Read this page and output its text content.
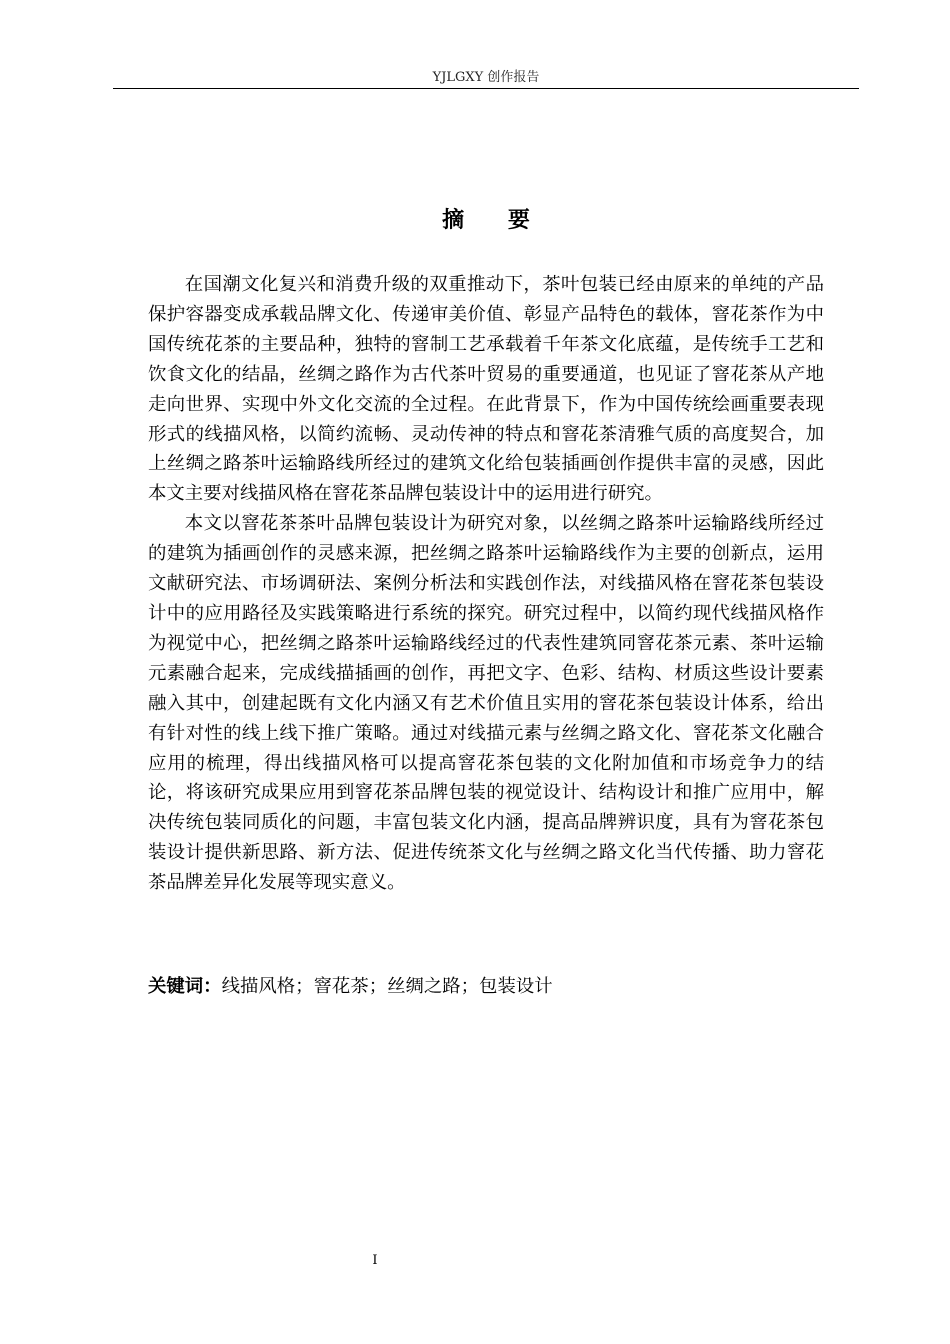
YJLGXY 创作报告
摘 要

在国潮文化复兴和消费升级的双重推动下，茶叶包装已经由原来的单纯的产品保护容器变成承载品牌文化、传递审美价值、彰显产品特色的载体，窨花茶作为中国传统花茶的主要品种，独特的窨制工艺承载着千年茶文化底蕴，是传统手工艺和饮食文化的结晶，丝绸之路作为古代茶叶贸易的重要通道，也见证了窨花茶从产地走向世界、实现中外文化交流的全过程。在此背景下，作为中国传统绘画重要表现形式的线描风格，以简约流畅、灵动传神的特点和窨花茶清雅气质的高度契合，加上丝绸之路茶叶运输路线所经过的建筑文化给包装插画创作提供丰富的灵感，因此本文主要对线描风格在窨花茶品牌包装设计中的运用进行研究。

本文以窨花茶茶叶品牌包装设计为研究对象，以丝绸之路茶叶运输路线所经过的建筑为插画创作的灵感来源，把丝绸之路茶叶运输路线作为主要的创新点，运用文献研究法、市场调研法、案例分析法和实践创作法，对线描风格在窨花茶包装设计中的应用路径及实践策略进行系统的探究。研究过程中，以简约现代线描风格作为视觉中心，把丝绸之路茶叶运输路线经过的代表性建筑同窨花茶元素、茶叶运输元素融合起来，完成线描插画的创作，再把文字、色彩、结构、材质这些设计要素融入其中，创建起既有文化内涵又有艺术价值且实用的窨花茶包装设计体系，给出有针对性的线上线下推广策略。通过对线描元素与丝绸之路文化、窨花茶文化融合应用的梳理，得出线描风格可以提高窨花茶包装的文化附加值和市场竞争力的结论，将该研究成果应用到窨花茶品牌包装的视觉设计、结构设计和推广应用中，解决传统包装同质化的问题，丰富包装文化内涵，提高品牌辨识度，具有为窨花茶包装设计提供新思路、新方法、促进传统茶文化与丝绸之路文化当代传播、助力窨花茶品牌差异化发展等现实意义。

关键词：线描风格；窨花茶；丝绸之路；包装设计
I
